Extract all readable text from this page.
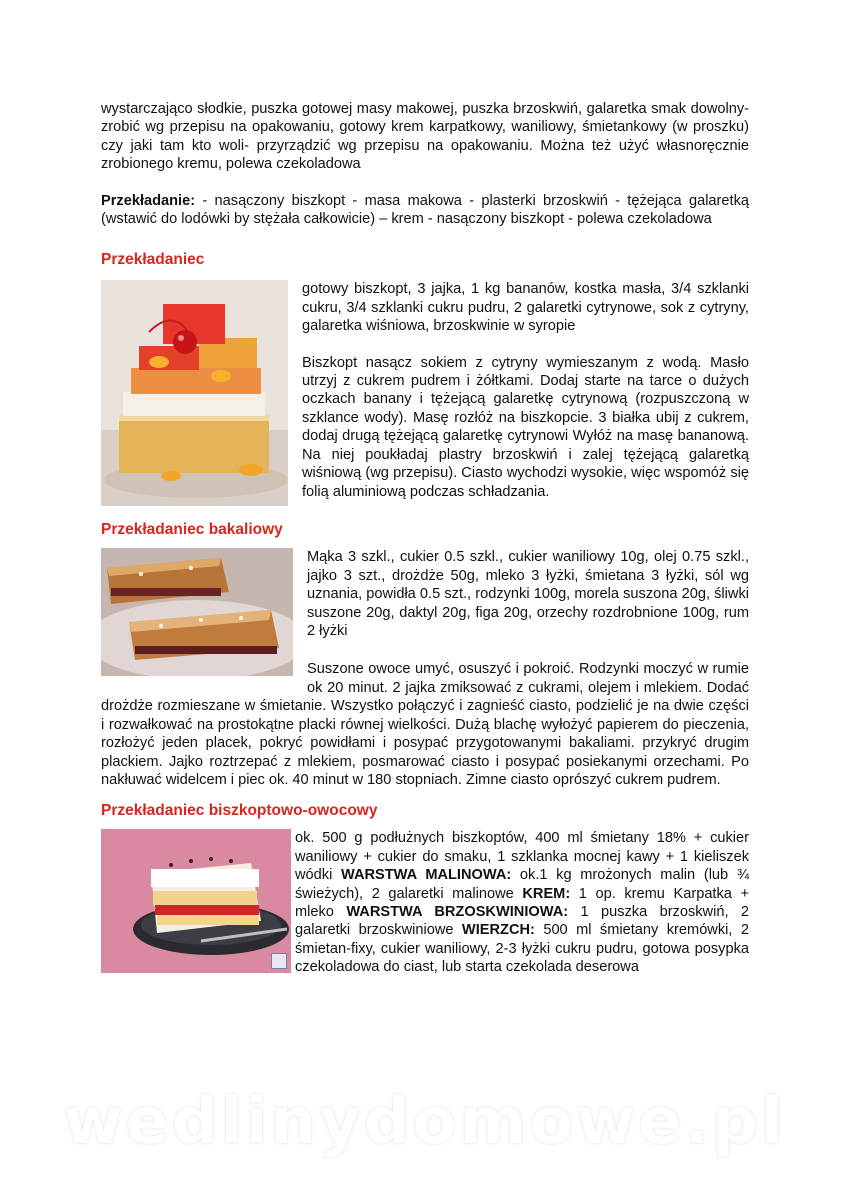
wystarczająco słodkie, puszka gotowej masy makowej, puszka brzoskwiń, galaretka smak dowolny-zrobić wg przepisu na opakowaniu, gotowy krem karpatkowy, waniliowy, śmietankowy (w proszku) czy jaki tam kto woli- przyrządzić wg przepisu na opakowaniu. Można też użyć własnoręcznie zrobionego kremu, polewa czekoladowa

Przekładanie: - nasączony biszkopt - masa makowa - plasterki brzoskwiń - tężejąca galaretką (wstawić do lodówki by stężała całkowicie) – krem - nasączony biszkopt - polewa czekoladowa

Przekładaniec

gotowy biszkopt, 3 jajka, 1 kg bananów, kostka masła, 3/4 szklanki cukru, 3/4 szklanki cukru pudru, 2 galaretki cytrynowe, sok z cytryny, galaretka wiśniowa, brzoskwinie w syropie

Biszkopt nasącz sokiem z cytryny wymieszanym z wodą. Masło utrzyj z cukrem pudrem i żółtkami. Dodaj starte na tarce o dużych oczkach banany i tężejącą galaretkę cytrynową (rozpuszczoną w szklance wody). Masę rozłóż na biszkopcie. 3 białka ubij z cukrem, dodaj drugą tężejącą galaretkę cytrynowi Wyłóż na masę bananową. Na niej poukładaj plastry brzoskwiń i zalej tężejącą galaretką wiśniową (wg przepisu). Ciasto wychodzi wysokie, więc wspomóż się folią aluminiową podczas schładzania.

Przekładaniec bakaliowy

Mąka 3 szkl., cukier 0.5 szkl., cukier waniliowy 10g, olej 0.75 szkl., jajko 3 szt., drożdże 50g, mleko 3 łyżki, śmietana 3 łyżki, sól wg uznania, powidła 0.5 szt., rodzynki 100g, morela suszona 20g, śliwki suszone 20g, daktyl 20g, figa 20g, orzechy rozdrobnione 100g, rum 2 łyżki

Suszone owoce umyć, osuszyć i pokroić. Rodzynki moczyć w rumie ok 20 minut. 2 jajka zmiksować z cukrami, olejem i mlekiem. Dodać drożdże rozmieszane w śmietanie. Wszystko połączyć i zagnieść ciasto, podzielić je na dwie części i rozwałkować na prostokątne placki równej wielkości. Dużą blachę wyłożyć papierem do pieczenia, rozłożyć jeden placek, pokryć powidłami i posypać przygotowanymi bakaliami. przykryć drugim plackiem. Jajko roztrzepać z mlekiem, posmarować ciasto i posypać posiekanymi orzechami. Po nakłuwać widelcem i piec ok. 40 minut w 180 stopniach. Zimne ciasto oprószyć cukrem pudrem.

Przekładaniec biszkoptowo-owocowy

ok. 500 g podłużnych biszkoptów, 400 ml śmietany 18% + cukier waniliowy + cukier do smaku, 1 szklanka mocnej kawy + 1 kieliszek wódki WARSTWA MALINOWA: ok.1 kg mrożonych malin (lub ¾ świeżych), 2 galaretki malinowe KREM: 1 op. kremu Karpatka + mleko WARSTWA BRZOSKWINIOWA: 1 puszka brzoskwiń, 2 galaretki brzoskwiniowe WIERZCH: 500 ml śmietany kremówki, 2 śmietan-fixy, cukier waniliowy, 2-3 łyżki cukru pudru, gotowa posypka czekoladowa do ciast, lub starta czekolada deserowa

wedlinydomowe.pl
